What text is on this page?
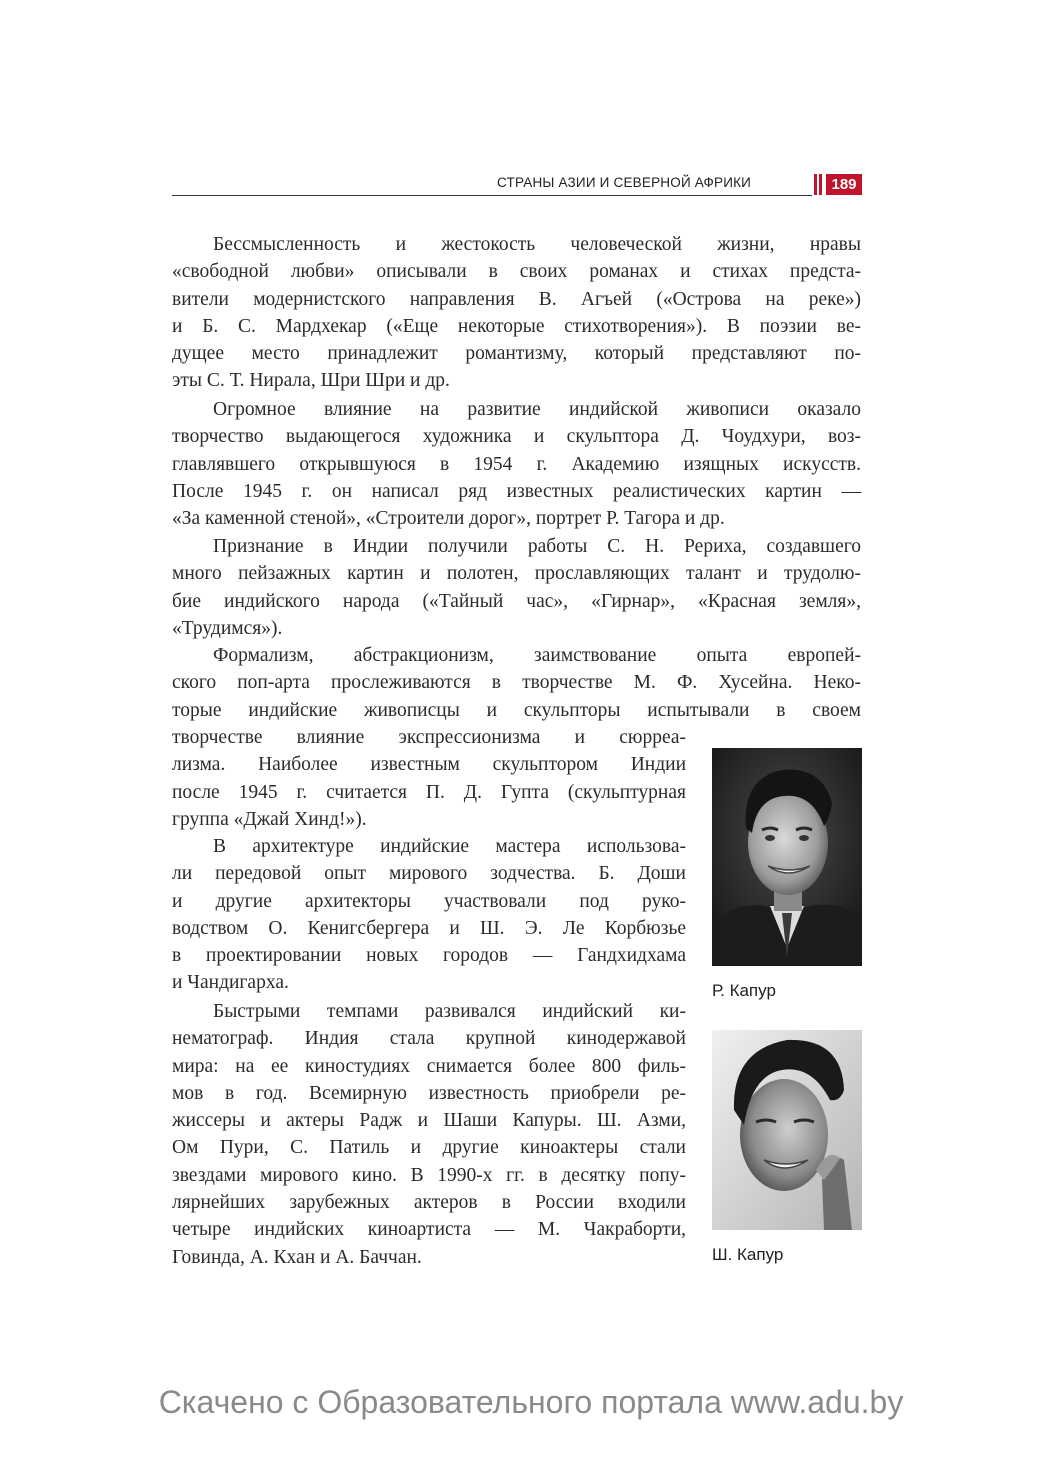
СТРАНЫ АЗИИ И СЕВЕРНОЙ АФРИКИ	189
Бессмысленность и жестокость человеческой жизни, нравы
«свободной любви» описывали в своих романах и стихах предста-
вители модернистского направления В. Агъей («Острова на реке»)
и Б. С. Мардхекар («Еще некоторые стихотворения»). В поэзии ве-
дущее место принадлежит романтизму, который представляют по-
эты С. Т. Нирала, Шри Шри и др.
Огромное влияние на развитие индийской живописи оказало
творчество выдающегося художника и скульптора Д. Чоудхури, воз-
главлявшего открывшуюся в 1954 г. Академию изящных искусств.
После 1945 г. он написал ряд известных реалистических картин —
«За каменной стеной», «Строители дорог», портрет Р. Тагора и др.
Признание в Индии получили работы С. Н. Рериха, создавшего
много пейзажных картин и полотен, прославляющих талант и трудолю-
бие индийского народа («Тайный час», «Гирнар», «Красная земля»,
«Трудимся»).
Формализм, абстракционизм, заимствование опыта европей-
ского поп-арта прослеживаются в творчестве М. Ф. Хусейна. Неко-
торые индийские живописцы и скульпторы испытывали в своем
творчестве влияние экспрессионизма и сюрреа-
лизма. Наиболее известным скульптором Индии
после 1945 г. считается П. Д. Гупта (скульптурная
группа «Джай Хинд!»).
В архитектуре индийские мастера использова-
ли передовой опыт мирового зодчества. Б. Доши
и другие архитекторы участвовали под руко-
водством О. Кенигсбергера и Ш. Э. Ле Корбюзье
в проектировании новых городов — Гандхидхама
и Чандигарха.
Быстрыми темпами развивался индийский ки-
нематограф. Индия стала крупной кинодержавой
мира: на ее киностудиях снимается более 800 филь-
мов в год. Всемирную известность приобрели ре-
жиссеры и актеры Радж и Шаши Капуры. Ш. Азми,
Ом Пури, С. Патиль и другие киноактеры стали
звездами мирового кино. В 1990-х гг. в десятку попу-
лярнейших зарубежных актеров в России входили
четыре индийских киноартиста — М. Чакраборти,
Говинда, А. Кхан и А. Баччан.
Р. Капур
Ш. Капур
Скачено с Образовательного портала www.adu.by
